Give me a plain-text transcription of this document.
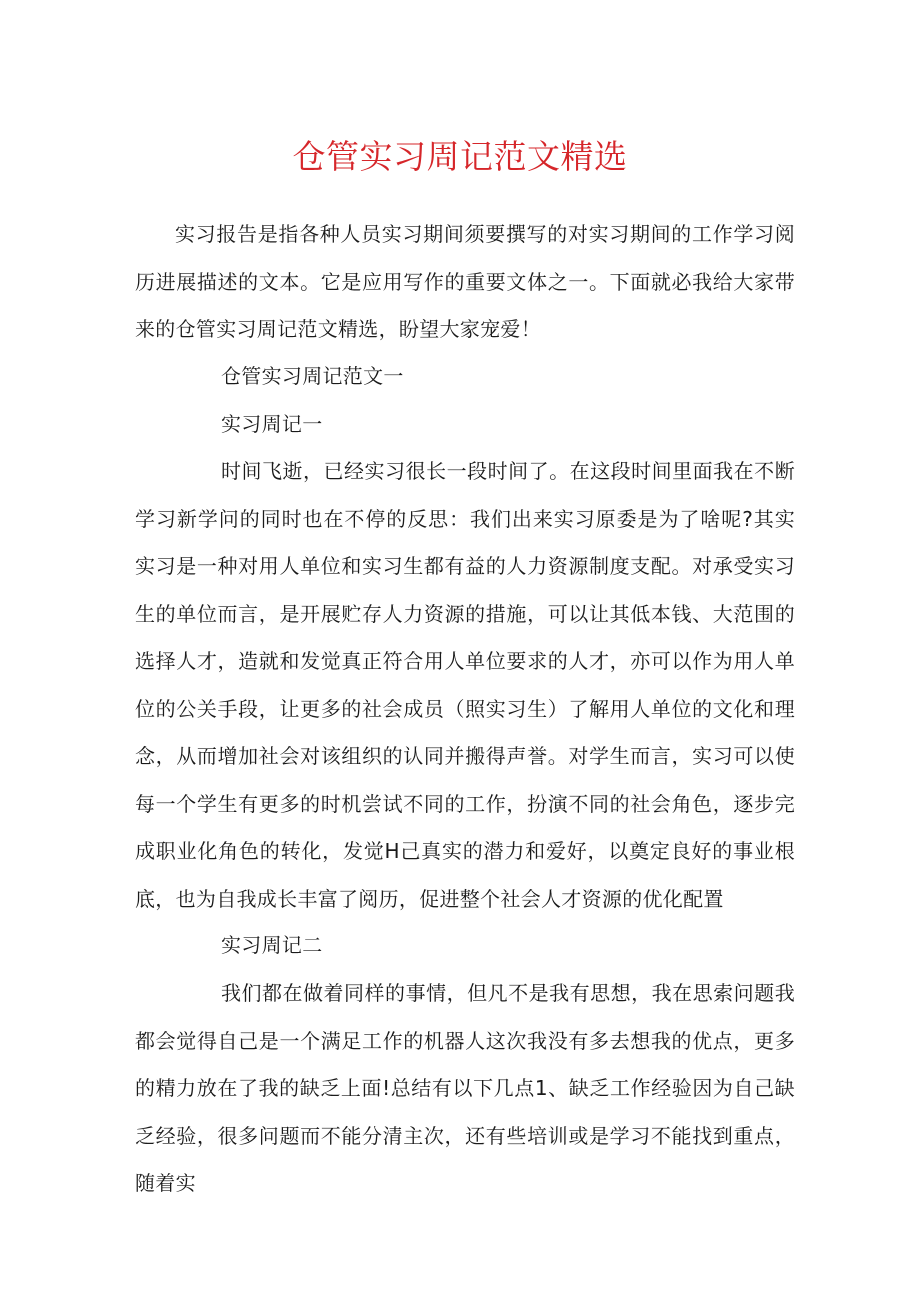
仓管实习周记范文精选
实习报告是指各种人员实习期间须要撰写的对实习期间的工作学习阅历进展描述的文本。它是应用写作的重要文体之一。下面就必我给大家带来的仓管实习周记范文精选，盼望大家宠爱！
仓管实习周记范文一
实习周记一
时间飞逝，已经实习很长一段时间了。在这段时间里面我在不断学习新学问的同时也在不停的反思：我们出来实习原委是为了啥呢?其实实习是一种对用人单位和实习生都有益的人力资源制度支配。对承受实习生的单位而言，是开展贮存人力资源的措施，可以让其低本钱、大范围的选择人才，造就和发觉真正符合用人单位要求的人才，亦可以作为用人单位的公关手段，让更多的社会成员（照实习生）了解用人单位的文化和理念，从而增加社会对该组织的认同并搬得声誉。对学生而言，实习可以使每一个学生有更多的时机尝试不同的工作，扮演不同的社会角色，逐步完成职业化角色的转化，发觉H己真实的潜力和爱好，以奠定良好的事业根底，也为自我成长丰富了阅历，促进整个社会人才资源的优化配置
实习周记二
我们都在做着同样的事情，但凡不是我有思想，我在思索问题我都会觉得自己是一个满足工作的机器人这次我没有多去想我的优点，更多的精力放在了我的缺乏上面!总结有以下几点1、缺乏工作经验因为自己缺乏经验，很多问题而不能分清主次，还有些培训或是学习不能找到重点，随着实
